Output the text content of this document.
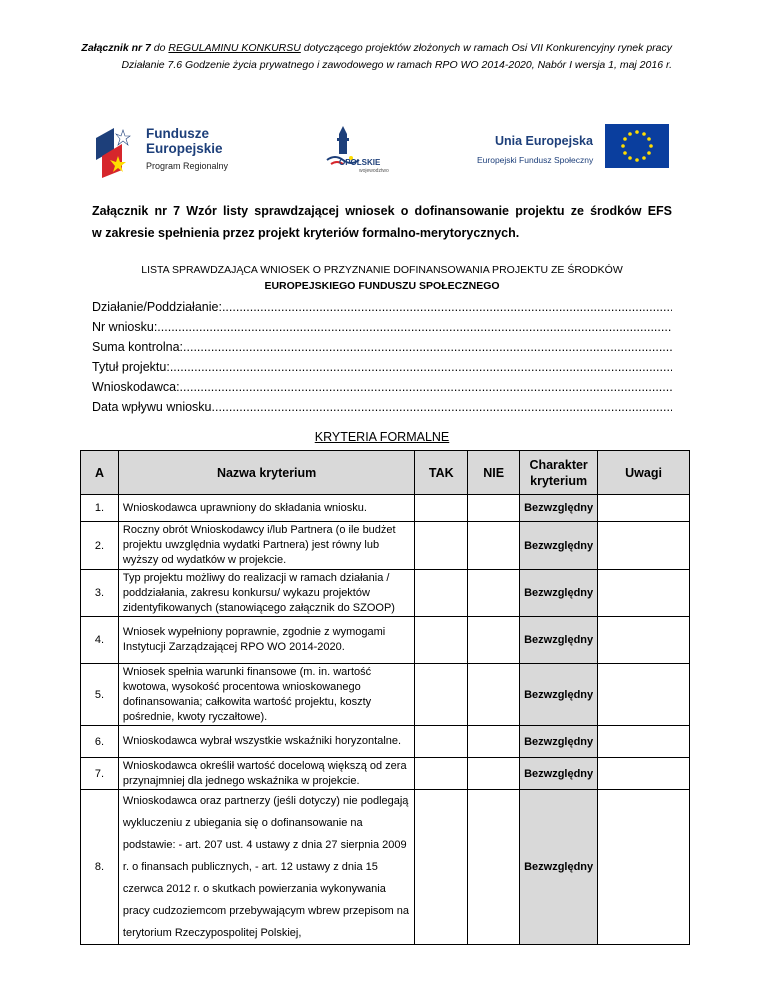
Załącznik nr 7 do REGULAMINU KONKURSU dotyczącego projektów złożonych w ramach Osi VII Konkurencyjny rynek pracy Działanie 7.6 Godzenie życia prywatnego i zawodowego w ramach RPO WO 2014-2020, Nabór I wersja 1, maj 2016 r.
Fundusze
Europejskie
Program Regionalny	OPOLSKIE
wojewodztwo
Unia Europejska
Europejski Fundusz Społeczny
Załącznik nr 7 Wzór listy sprawdzającej wniosek o dofinansowanie projektu ze środków EFS
w zakresie spełnienia przez projekt kryteriów formalno-merytorycznych.
LISTA SPRAWDZAJĄCA WNIOSEK O PRZYZNANIE DOFINANSOWANIA PROJEKTU ZE ŚRODKÓW
EUROPEJSKIEGO FUNDUSZU SPOŁECZNEGO
Działanie/Poddziałanie:
.....
Nr wniosku:
.....
Suma kontrolna:
.....
Tytuł projektu:
.....
Wnioskodawca:
.....
Data wpływu wniosku
.....
KRYTERIA FORMALNE
A	Nazwa kryterium	TAK	NIE	Charakter kryterium	Uwagi
1.	Wnioskodawca uprawniony do składania wniosku.			Bezwzględny	
2.	Roczny obrót Wnioskodawcy i/lub Partnera (o ile budżet projektu uwzględnia wydatki Partnera) jest równy lub wyższy od wydatków w projekcie.			Bezwzględny	
3.	Typ projektu możliwy do realizacji w ramach działania / poddziałania, zakresu konkursu/ wykazu projektów zidentyfikowanych (stanowiącego załącznik do SZOOP)			Bezwzględny	
4.	Wniosek wypełniony poprawnie, zgodnie z wymogami Instytucji Zarządzającej RPO WO 2014-2020.			Bezwzględny	
5.	Wniosek spełnia warunki finansowe (m. in. wartość kwotowa, wysokość procentowa wnioskowanego dofinansowania; całkowita wartość projektu, koszty pośrednie, kwoty ryczałtowe).			Bezwzględny	
6.	Wnioskodawca wybrał wszystkie wskaźniki horyzontalne.			Bezwzględny	
7.	Wnioskodawca określił wartość docelową większą od zera przynajmniej dla jednego wskaźnika w projekcie.			Bezwzględny	
8.	Wnioskodawca oraz partnerzy (jeśli dotyczy) nie podlegają wykluczeniu z ubiegania się o dofinansowanie na podstawie: - art. 207 ust. 4 ustawy z dnia 27 sierpnia 2009 r. o finansach publicznych, - art. 12 ustawy z dnia 15 czerwca 2012 r. o skutkach powierzania wykonywania pracy cudzoziemcom przebywającym wbrew przepisom na terytorium Rzeczypospolitej Polskiej,			Bezwzględny	
